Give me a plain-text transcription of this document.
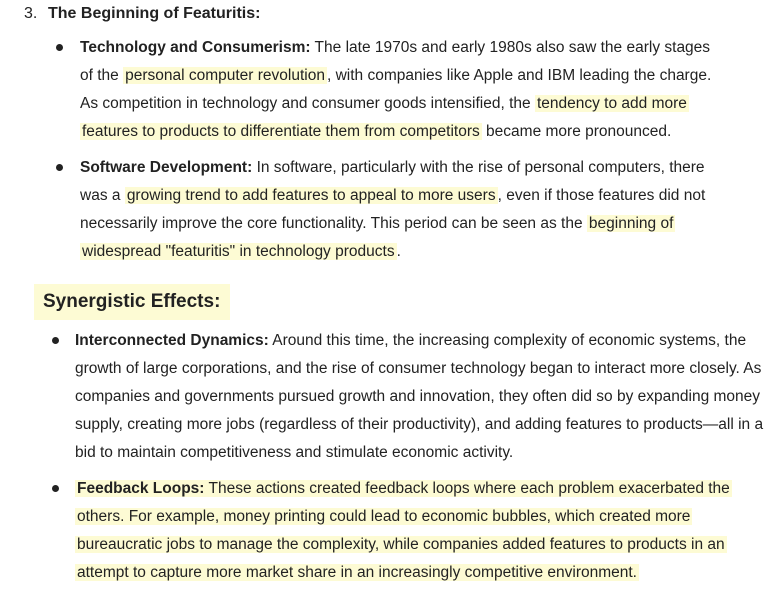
3. The Beginning of Featuritis:
Technology and Consumerism: The late 1970s and early 1980s also saw the early stages of the personal computer revolution , with companies like Apple and IBM leading the charge. As competition in technology and consumer goods intensified, the tendency to add more features to products to differentiate them from competitors became more pronounced.
Software Development: In software, particularly with the rise of personal computers, there was a growing trend to add features to appeal to more users , even if those features did not necessarily improve the core functionality. This period can be seen as the beginning of widespread "featuritis" in technology products .
Synergistic Effects:
Interconnected Dynamics: Around this time, the increasing complexity of economic systems, the growth of large corporations, and the rise of consumer technology began to interact more closely. As companies and governments pursued growth and innovation, they often did so by expanding money supply, creating more jobs (regardless of their productivity), and adding features to products—all in a bid to maintain competitiveness and stimulate economic activity.
Feedback Loops: These actions created feedback loops where each problem exacerbated the others. For example, money printing could lead to economic bubbles, which created more bureaucratic jobs to manage the complexity, while companies added features to products in an attempt to capture more market share in an increasingly competitive environment.
